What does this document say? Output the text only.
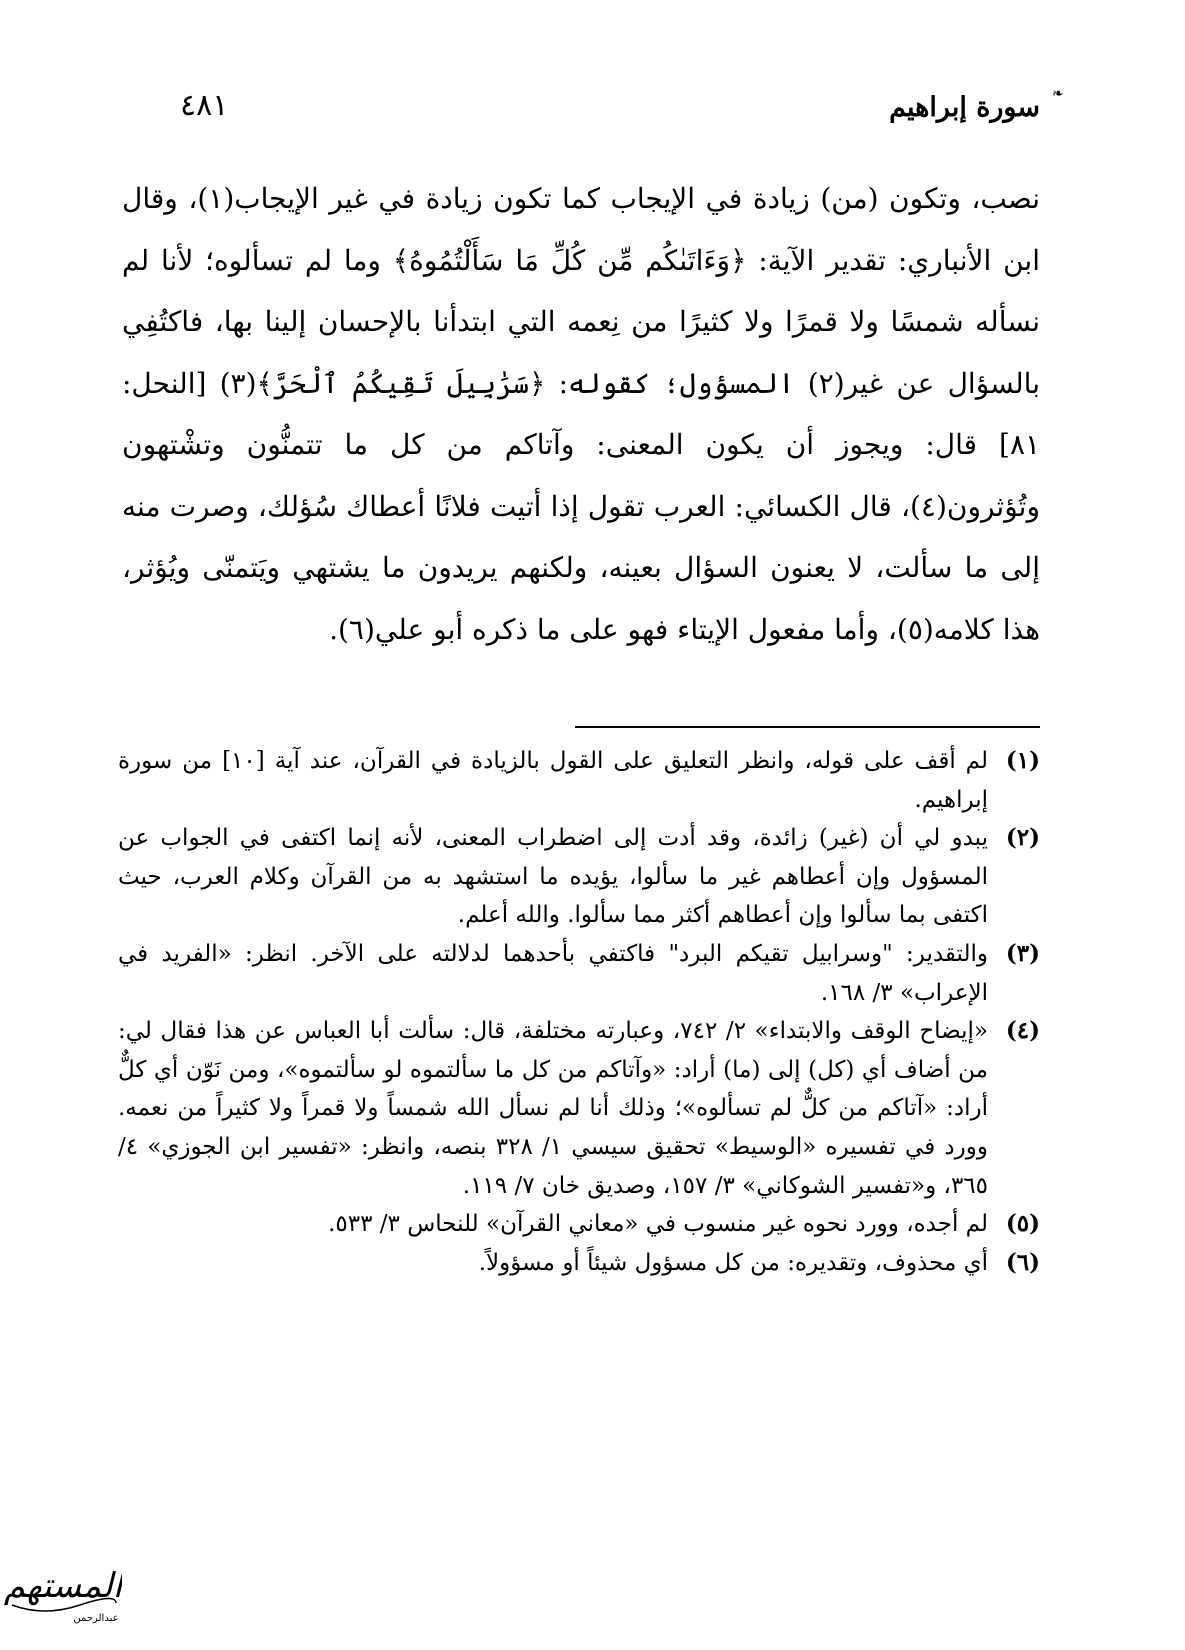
سورة إبراهيم
٤٨١	❧

نصب، وتكون (من) زيادة في الإيجاب كما تكون زيادة في غير الإيجاب(١)، وقال ابن الأنباري: تقدير الآية: ﴿وَءَاتَىٰكُم مِّن كُلِّ مَا سَأَلْتُمُوهُ﴾ وما لم تسألوه؛ لأنا لم نسأله شمسًا ولا قمرًا ولا كثيرًا من نِعمه التي ابتدأنا بالإحسان إلينا بها، فاكتُفِي بالسؤال عن غير(٢) المسؤول؛ كقوله: ﴿سَرَٰبِيلَ تَقِيكُمُ ٱلْحَرَّ﴾(٣) [النحل: ٨١] قال: ويجوز أن يكون المعنى: وآتاكم من كل ما تتمنُّون وتشْتهون وتُؤثرون(٤)، قال الكسائي: العرب تقول إذا أتيت فلانًا أعطاك سُؤلك، وصرت منه إلى ما سألت، لا يعنون السؤال بعينه، ولكنهم يريدون ما يشتهي ويَتمنّى ويُؤثر، هذا كلامه(٥)، وأما مفعول الإيتاء فهو على ما ذكره أبو علي(٦).

(١)
لم أقف على قوله، وانظر التعليق على القول بالزيادة في القرآن، عند آية [١٠] من سورة إبراهيم.
(٢)
يبدو لي أن (غير) زائدة، وقد أدت إلى اضطراب المعنى، لأنه إنما اكتفى في الجواب عن المسؤول وإن أعطاهم غير ما سألوا، يؤيده ما استشهد به من القرآن وكلام العرب، حيث اكتفى بما سألوا وإن أعطاهم أكثر مما سألوا. والله أعلم.
(٣)
والتقدير: "وسرابيل تقيكم البرد" فاكتفي بأحدهما لدلالته على الآخر. انظر: «الفريد في الإعراب» ٣/ ١٦٨.
(٤)
«إيضاح الوقف والابتداء» ٢/ ٧٤٢، وعبارته مختلفة، قال: سألت أبا العباس عن هذا فقال لي: من أضاف أي (كل) إلى (ما) أراد: «وآتاكم من كل ما سألتموه لو سألتموه»، ومن نَوّن أي كلٌّ أراد: «آتاكم من كلٌّ لم تسألوه»؛ وذلك أنا لم نسأل الله شمساً ولا قمراً ولا كثيراً من نعمه. وورد في تفسيره «الوسيط» تحقيق سيسي ١/ ٣٢٨ بنصه، وانظر: «تفسير ابن الجوزي» ٤/ ٣٦٥، و«تفسير الشوكاني» ٣/ ١٥٧، وصديق خان ٧/ ١١٩.
(٥)
لم أجده، وورد نحوه غير منسوب في «معاني القرآن» للنحاس ٣/ ٥٣٣.
(٦)
أي محذوف، وتقديره: من كل مسؤول شيئاً أو مسؤولاً.
المستهم
عبدالرحمن
